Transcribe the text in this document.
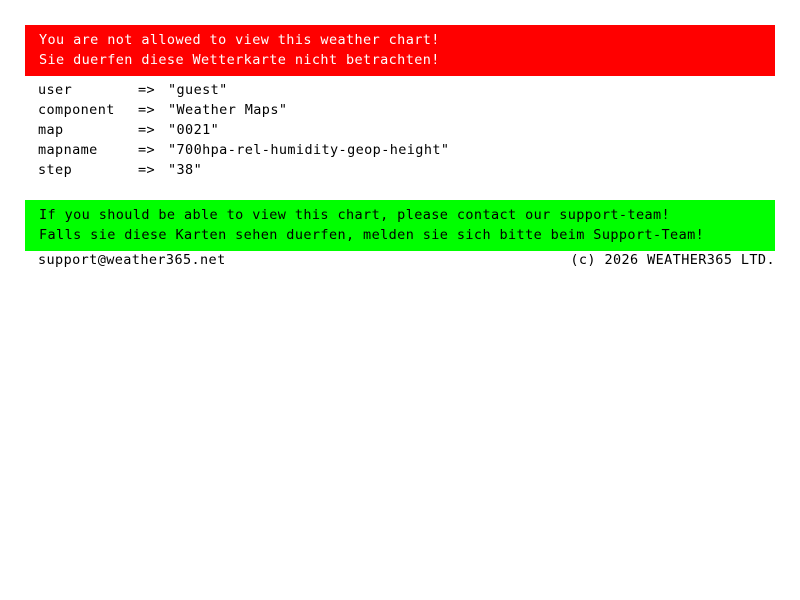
You are not allowed to view this weather chart!
Sie duerfen diese Wetterkarte nicht betrachten!
user	=> "guest"
component	=> "Weather Maps"
map	=> "0021"
mapname	=> "700hpa-rel-humidity-geop-height"
step	=> "38"
If you should be able to view this chart, please contact our support-team!
Falls sie diese Karten sehen duerfen, melden sie sich bitte beim Support-Team!
support@weather365.net	(c) 2026 WEATHER365 LTD.
